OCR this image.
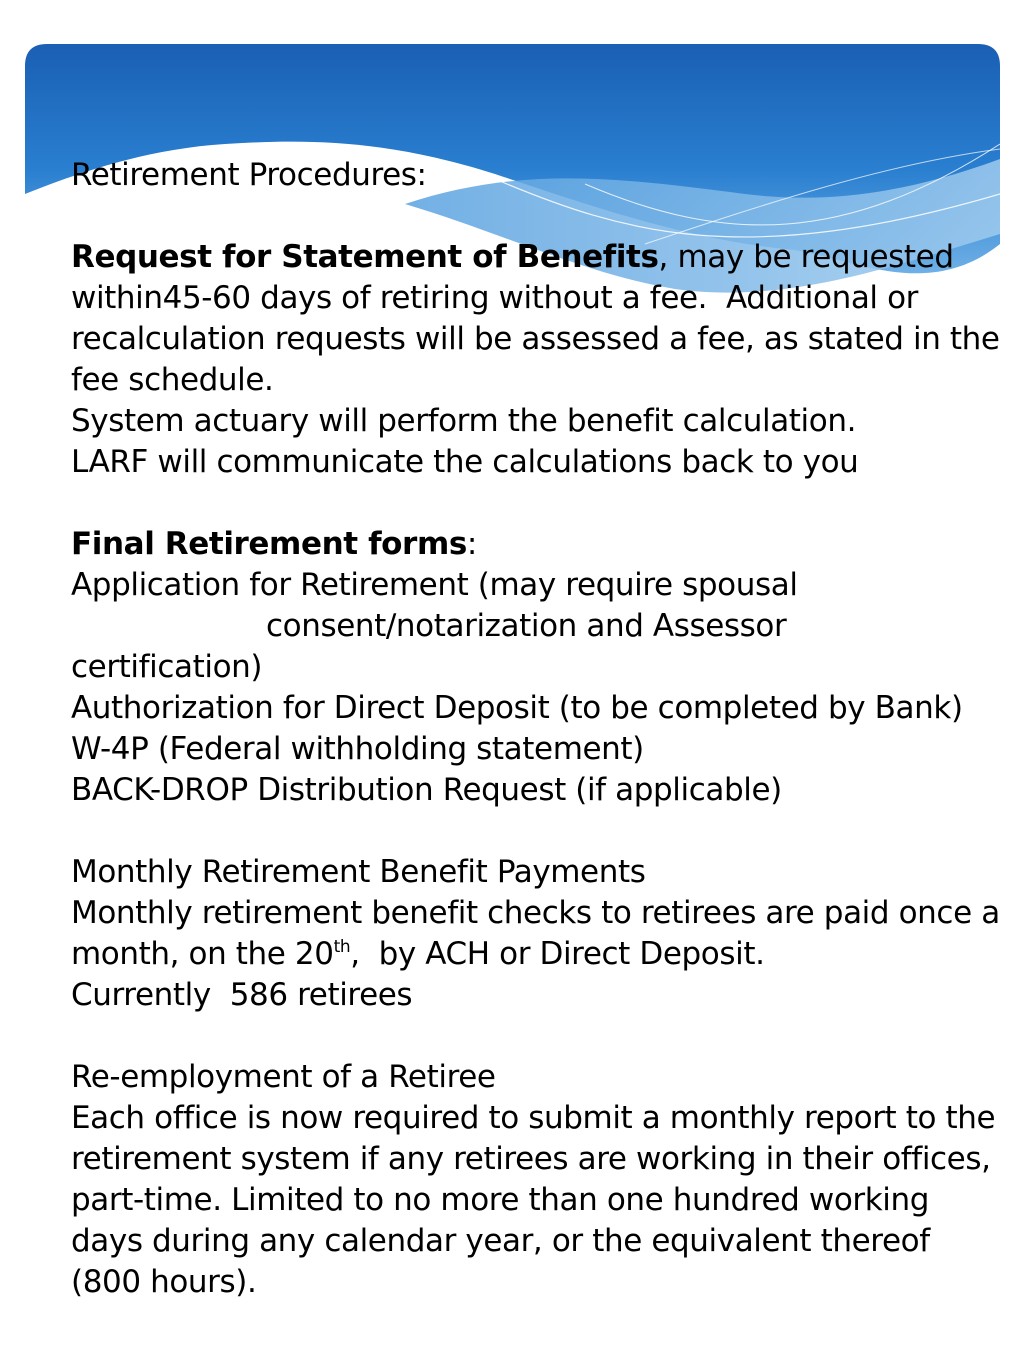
Retirement Procedures:

Request for Statement of Benefits, may be requested within45-60 days of retiring without a fee.  Additional or recalculation requests will be assessed a fee, as stated in the fee schedule.

System actuary will perform the benefit calculation.

LARF will communicate the calculations back to you

Final Retirement forms:

Application for Retirement (may require spousal

consent/notarization and Assessor

certification)

Authorization for Direct Deposit (to be completed by Bank)

W-4P (Federal withholding statement)

BACK-DROP Distribution Request (if applicable)

Monthly Retirement Benefit Payments

Monthly retirement benefit checks to retirees are paid once a month, on the 20th,  by ACH or Direct Deposit.

Currently  586 retirees

Re-employment of a Retiree

Each office is now required to submit a monthly report to the retirement system if any retirees are working in their offices, part-time. Limited to no more than one hundred working days during any calendar year, or the equivalent thereof (800 hours).
